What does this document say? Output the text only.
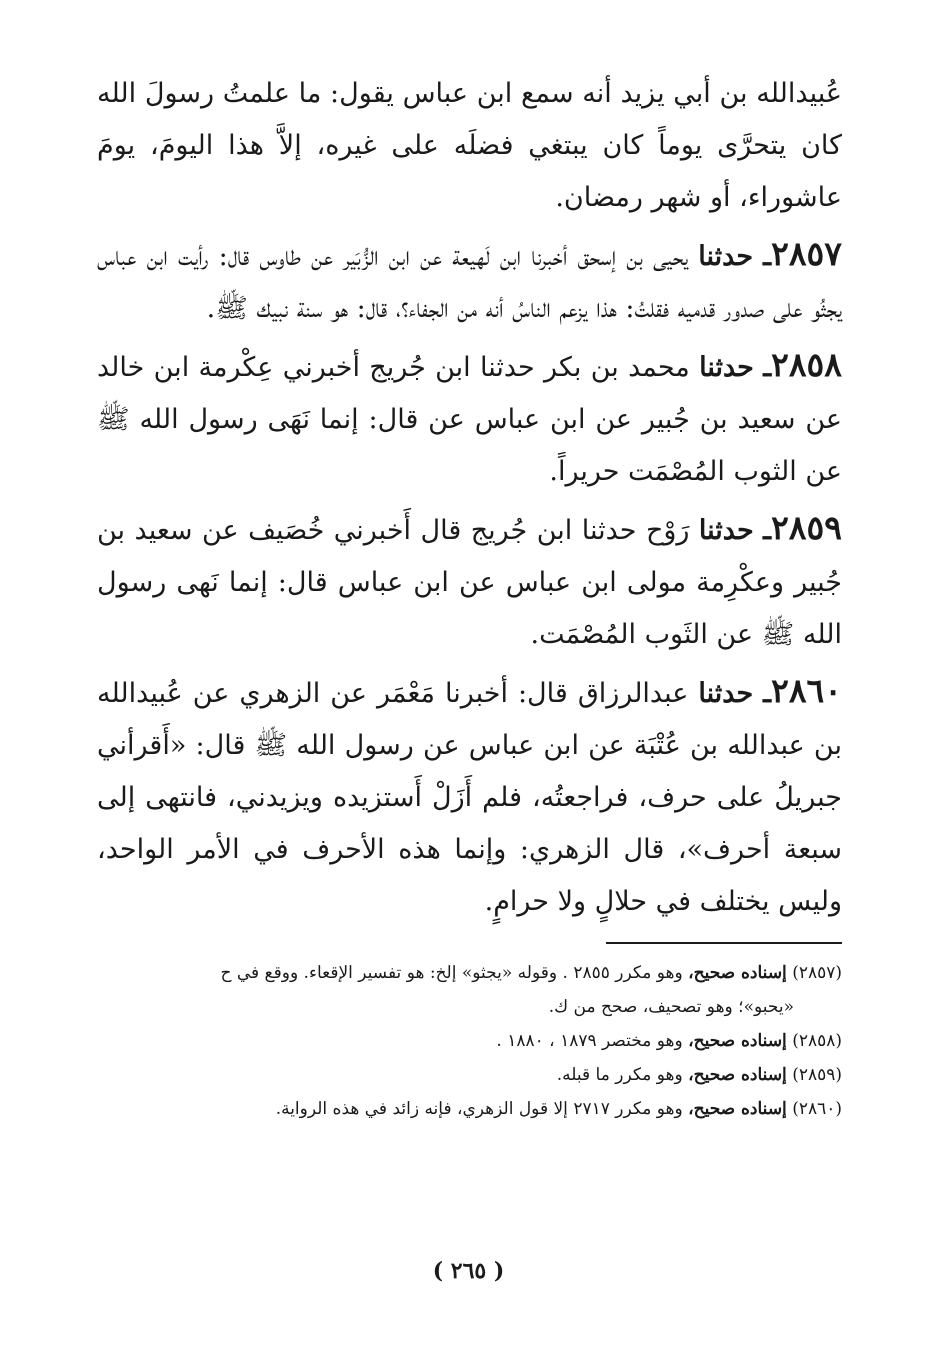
عُبيدالله بن أبي يزيد أنه سمع ابن عباس يقول: ما علمتُ رسولَ الله كان يتحرَّى يوماً كان يبتغي فضلَه على غيره، إلاَّ هذا اليومَ، يومَ عاشوراء، أو شهر رمضان.

٢٨٥٧ـ حدثنا يحيى بن إسحق أخبرنا ابن لَهيعة عن ابن الزُّبَير عن طاوس قال: رأيت ابن عباس يجثُو على صدور قدميه فقلتُ: هذا يزعم الناسُ أنه من الجفاء؟، قال: هو سنة نبيك ﷺ.

٢٨٥٨ـ حدثنا محمد بن بكر حدثنا ابن جُريج أخبرني عِكْرمة ابن خالد عن سعيد بن جُبير عن ابن عباس عن قال: إنما نَهَى رسول الله ﷺ عن الثوب المُصْمَت حريراً.

٢٨٥٩ـ حدثنا رَوْح حدثنا ابن جُريج قال أَخبرني خُصَيف عن سعيد بن جُبير وعكْرِمة مولى ابن عباس عن ابن عباس قال: إنما نَهى رسول الله ﷺ عن الثَوب المُصْمَت.

٢٨٦٠ـ حدثنا عبدالرزاق قال: أخبرنا مَعْمَر عن الزهري عن عُبيدالله بن عبدالله بن عُتْبَة عن ابن عباس عن رسول الله ﷺ قال: «أَقرأني جبريلُ على حرف، فراجعتُه، فلم أَزَلْ أَستزيده ويزيدني، فانتهى إلى سبعة أحرف»، قال الزهري: وإنما هذه الأحرف في الأمر الواحد، وليس يختلف في حلالٍ ولا حرامٍ.

(٢٨٥٧) إسناده صحيح، وهو مكرر ٢٨٥٥ . وقوله «يجثو» إلخ: هو تفسير الإقعاء. ووقع في ح

«يحبو»؛ وهو تصحيف، صحح من ك.

(٢٨٥٨) إسناده صحيح، وهو مختصر ١٨٧٩ ، ١٨٨٠ .

(٢٨٥٩) إسناده صحيح، وهو مكرر ما قبله.

(٢٨٦٠) إسناده صحيح، وهو مكرر ٢٧١٧ إلا قول الزهري، فإنه زائد في هذه الرواية.

( ٢٦٥ )
